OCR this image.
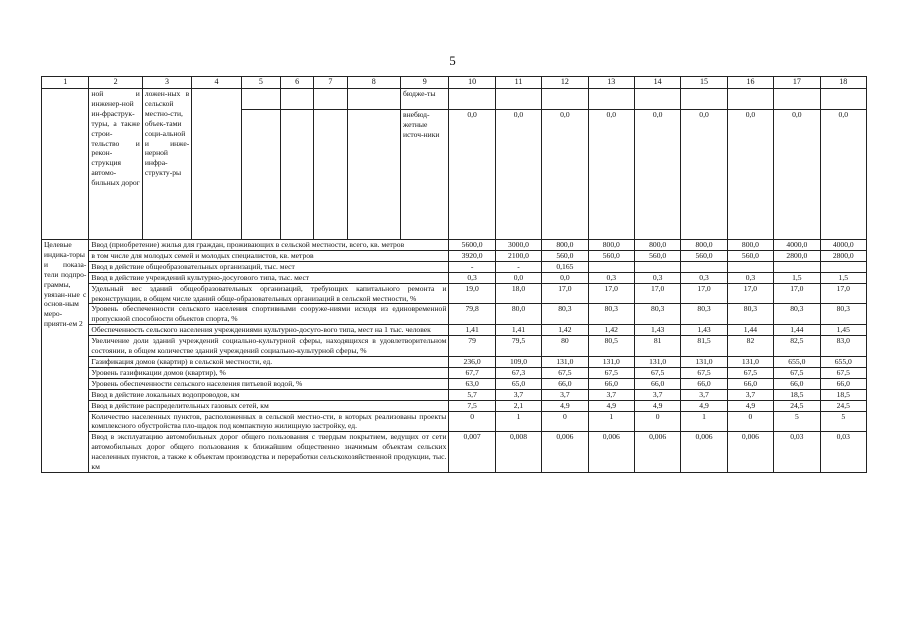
5
1	2	3	4	5	6	7	8	9	10	11	12	13	14	15	16	17	18
	ной и инженер-ной ин-фраструк-туры, а также строи-тельство и рекон-струкция автомо-бильных дорог	ложен-ных в сельской местно-сти, объек-тами соци-альной и инже-нерной инфра-структу-ры						бюдже-ты									
								внебюд-жетные источ-ники	0,0	0,0	0,0	0,0	0,0	0,0	0,0	0,0	0,0
Целевые индика-торы и показа-тели подпро-граммы, увязан-ные с основ-ным меро-прияти-ем 2	Ввод (приобретение) жилья для граждан, проживающих в сельской местности, всего, кв. метров								5600,0	3000,0	800,0	800,0	800,0	800,0	800,0	4000,0	4000,0
	в том числе для молодых семей и молодых специалистов, кв. метров								3920,0	2100,0	560,0	560,0	560,0	560,0	560,0	2800,0	2800,0
	Ввод в действие общеобразовательных организаций, тыс. мест								-	-	0,165						
	Ввод в действие учреждений культурно-досугового типа, тыс. мест								0,3	0,0	0,0	0,3	0,3	0,3	0,3	1,5	1,5
	Удельный вес зданий общеобразовательных организаций, требующих капитального ремонта и реконструкции, в общем числе зданий обще-образовательных организаций в сельской местности, %								19,0	18,0	17,0	17,0	17,0	17,0	17,0	17,0	17,0
	Уровень обеспеченности сельского населения спортивными сооруже-ниями исходя из единовременной пропускной способности объектов спорта, %								79,8	80,0	80,3	80,3	80,3	80,3	80,3	80,3	80,3
	Обеспеченность сельского населения учреждениями культурно-досуго-вого типа, мест на 1 тыс. человек								1,41	1,41	1,42	1,42	1,43	1,43	1,44	1,44	1,45
	Увеличение доли зданий учреждений социально-культурной сферы, находящихся в удовлетворительном состоянии, в общем количестве зданий учреждений социально-культурной сферы, %								79	79,5	80	80,5	81	81,5	82	82,5	83,0
	Газификация домов (квартир) в сельской местности, ед.								236,0	109,0	131,0	131,0	131,0	131,0	131,0	655,0	655,0
	Уровень газификации домов (квартир), %								67,7	67,3	67,5	67,5	67,5	67,5	67,5	67,5	67,5
	Уровень обеспеченности сельского населения питьевой водой, %								63,0	65,0	66,0	66,0	66,0	66,0	66,0	66,0	66,0
	Ввод в действие локальных водопроводов, км								5,7	3,7	3,7	3,7	3,7	3,7	3,7	18,5	18,5
	Ввод в действие распределительных газовых сетей, км								7,5	2,1	4,9	4,9	4,9	4,9	4,9	24,5	24,5
	Количество населенных пунктов, расположенных в сельской местно-сти, в которых реализованы проекты комплексного обустройства пло-щадок под компактную жилищную застройку, ед.								0	1	0	1	0	1	0	5	5
	Ввод в эксплуатацию автомобильных дорог общего пользования с твердым покрытием, ведущих от сети автомобильных дорог общего пользования к ближайшим общественно значимым объектам сельских населенных пунктов, а также к объектам производства и переработки сельскохозяйственной продукции, тыс. км								0,007	0,008	0,006	0,006	0,006	0,006	0,006	0,03	0,03
